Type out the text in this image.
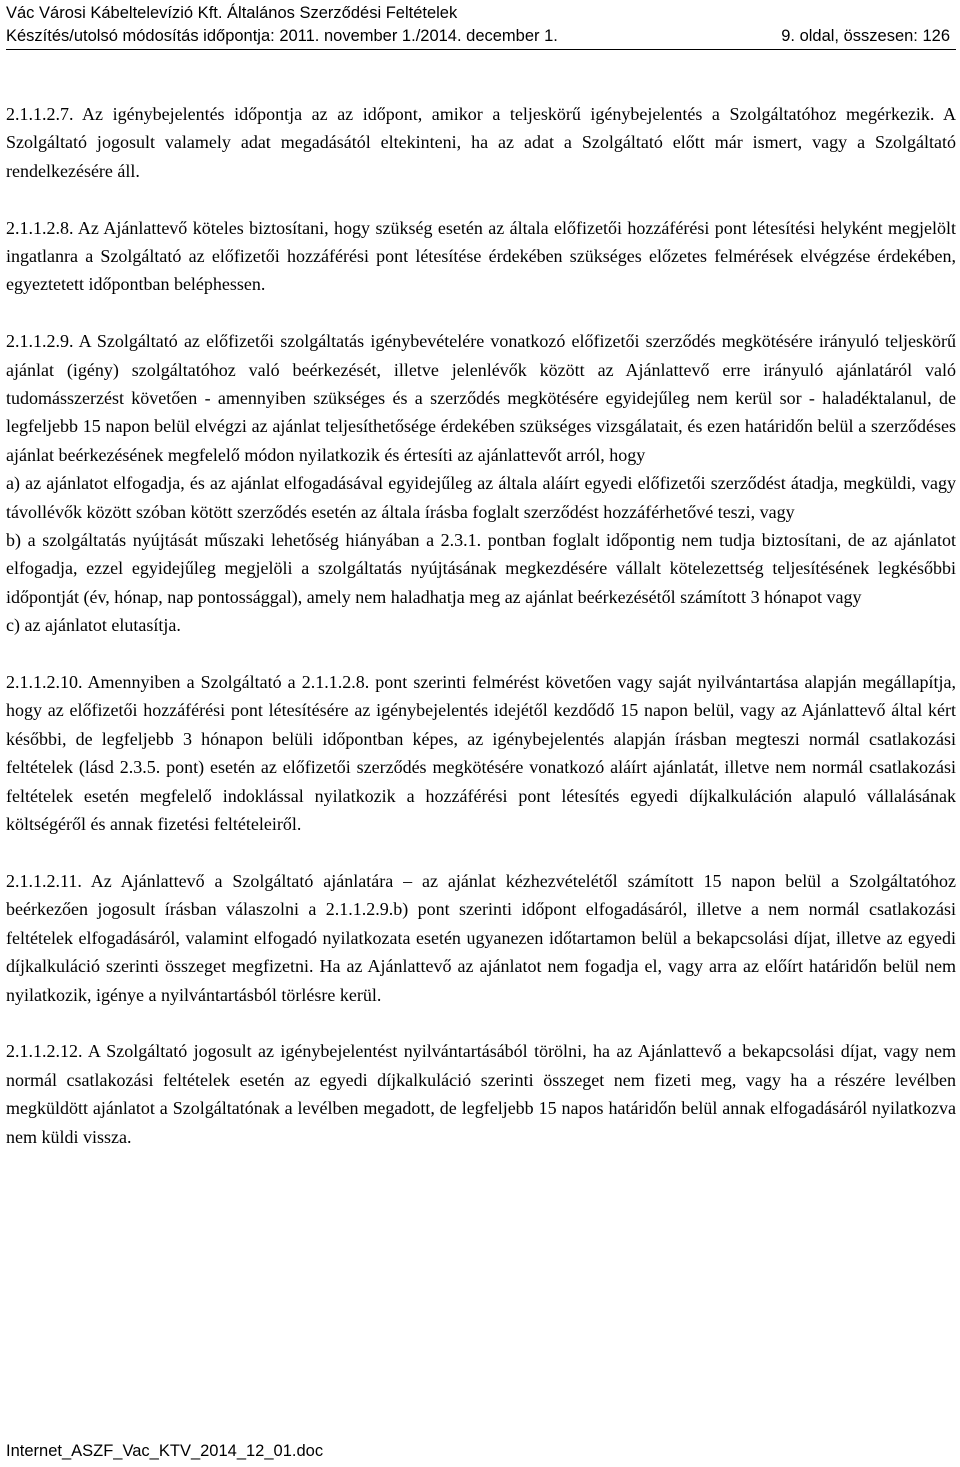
Vác Városi Kábeltelevízió Kft. Általános Szerződési Feltételek
Készítés/utolsó módosítás időpontja: 2011. november 1./2014. december 1.	9. oldal, összesen: 126

2.1.1.2.7. Az igénybejelentés időpontja az az időpont, amikor a teljeskörű igénybejelentés a Szolgáltatóhoz megérkezik. A Szolgáltató jogosult valamely adat megadásától eltekinteni, ha az adat a Szolgáltató előtt már ismert, vagy a Szolgáltató rendelkezésére áll.

2.1.1.2.8. Az Ajánlattevő köteles biztosítani, hogy szükség esetén az általa előfizetői hozzáférési pont létesítési helyként megjelölt ingatlanra a Szolgáltató az előfizetői hozzáférési pont létesítése érdekében szükséges előzetes felmérések elvégzése érdekében, egyeztetett időpontban beléphessen.

2.1.1.2.9. A Szolgáltató az előfizetői szolgáltatás igénybevételére vonatkozó előfizetői szerződés megkötésére irányuló teljeskörű ajánlat (igény) szolgáltatóhoz való beérkezését, illetve jelenlévők között az Ajánlattevő erre irányuló ajánlatáról való tudomásszerzést követően - amennyiben szükséges és a szerződés megkötésére egyidejűleg nem kerül sor - haladéktalanul, de legfeljebb 15 napon belül elvégzi az ajánlat teljesíthetősége érdekében szükséges vizsgálatait, és ezen határidőn belül a szerződéses ajánlat beérkezésének megfelelő módon nyilatkozik és értesíti az ajánlattevőt arról, hogy

a) az ajánlatot elfogadja, és az ajánlat elfogadásával egyidejűleg az általa aláírt egyedi előfizetői szerződést átadja, megküldi, vagy távollévők között szóban kötött szerződés esetén az általa írásba foglalt szerződést hozzáférhetővé teszi, vagy

b) a szolgáltatás nyújtását műszaki lehetőség hiányában a 2.3.1. pontban foglalt időpontig nem tudja biztosítani, de az ajánlatot elfogadja, ezzel egyidejűleg megjelöli a szolgáltatás nyújtásának megkezdésére vállalt kötelezettség teljesítésének legkésőbbi időpontját (év, hónap, nap pontossággal), amely nem haladhatja meg az ajánlat beérkezésétől számított 3 hónapot vagy

c) az ajánlatot elutasítja.

2.1.1.2.10. Amennyiben a Szolgáltató a 2.1.1.2.8. pont szerinti felmérést követően vagy saját nyilvántartása alapján megállapítja, hogy az előfizetői hozzáférési pont létesítésére az igénybejelentés idejétől kezdődő 15 napon belül, vagy az Ajánlattevő által kért későbbi, de legfeljebb 3 hónapon belüli időpontban képes, az igénybejelentés alapján írásban megteszi normál csatlakozási feltételek (lásd 2.3.5. pont) esetén az előfizetői szerződés megkötésére vonatkozó aláírt ajánlatát, illetve nem normál csatlakozási feltételek esetén megfelelő indoklással nyilatkozik a hozzáférési pont létesítés egyedi díjkalkuláción alapuló vállalásának költségéről és annak fizetési feltételeiről.

2.1.1.2.11. Az Ajánlattevő a Szolgáltató ajánlatára – az ajánlat kézhezvételétől számított 15 napon belül a Szolgáltatóhoz beérkezően jogosult írásban válaszolni a 2.1.1.2.9.b) pont szerinti időpont elfogadásáról, illetve a nem normál csatlakozási feltételek elfogadásáról, valamint elfogadó nyilatkozata esetén ugyanezen időtartamon belül a bekapcsolási díjat, illetve az egyedi díjkalkuláció szerinti összeget megfizetni. Ha az Ajánlattevő az ajánlatot nem fogadja el, vagy arra az előírt határidőn belül nem nyilatkozik, igénye a nyilvántartásból törlésre kerül.

2.1.1.2.12. A Szolgáltató jogosult az igénybejelentést nyilvántartásából törölni, ha az Ajánlattevő a bekapcsolási díjat, vagy nem normál csatlakozási feltételek esetén az egyedi díjkalkuláció szerinti összeget nem fizeti meg, vagy ha a részére levélben megküldött ajánlatot a Szolgáltatónak a levélben megadott, de legfeljebb 15 napos határidőn belül annak elfogadásáról nyilatkozva nem küldi vissza.

Internet_ASZF_Vac_KTV_2014_12_01.doc
